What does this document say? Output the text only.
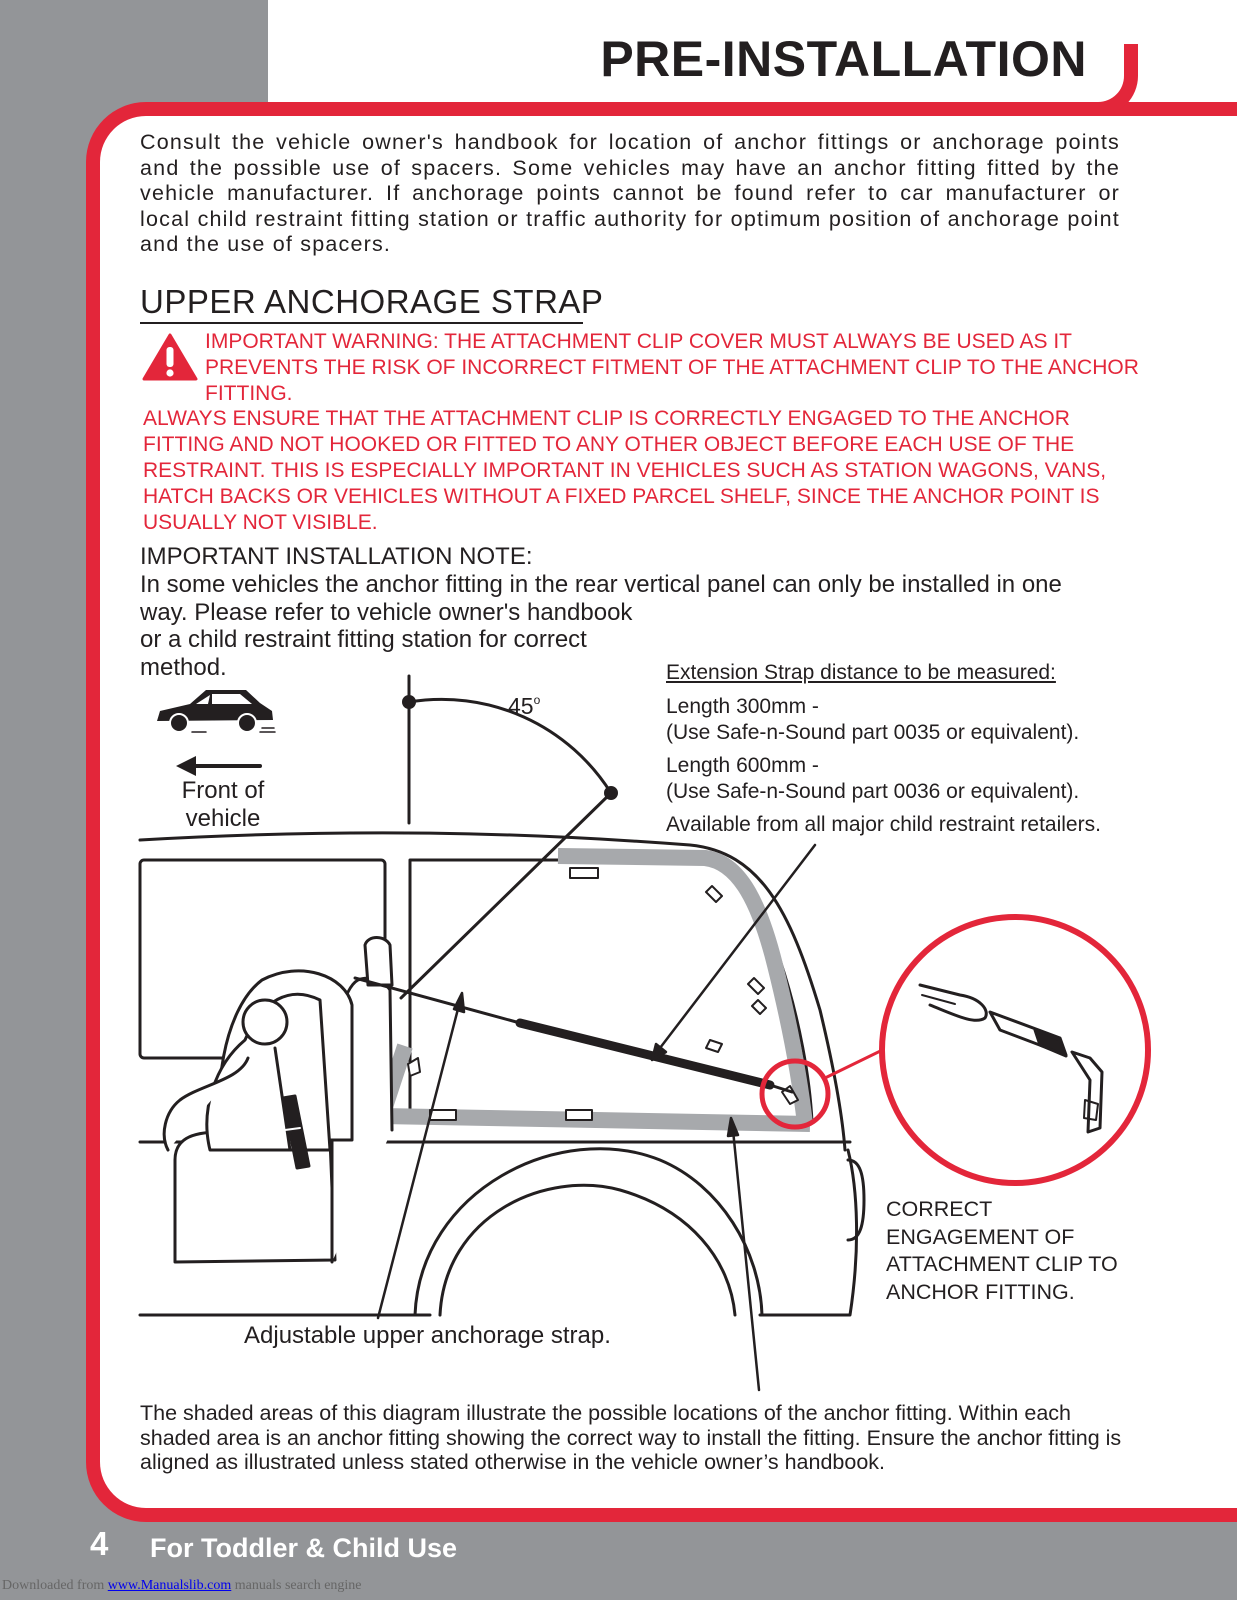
PRE-INSTALLATION
Consult the vehicle owner's handbook for location of anchor fittings or anchorage points and the possible use of spacers. Some vehicles may have an anchor fitting fitted by the vehicle manufacturer. If anchorage points cannot be found refer to car manufacturer or local child restraint fitting station or traffic authority for optimum position of anchorage point and the use of spacers.
UPPER ANCHORAGE STRAP
IMPORTANT WARNING: THE ATTACHMENT CLIP COVER MUST ALWAYS BE USED AS IT PREVENTS THE RISK OF INCORRECT FITMENT OF THE ATTACHMENT CLIP TO THE ANCHOR FITTING.
ALWAYS ENSURE THAT THE ATTACHMENT CLIP IS CORRECTLY ENGAGED TO THE ANCHOR FITTING AND NOT HOOKED OR FITTED TO ANY OTHER OBJECT BEFORE EACH USE OF THE RESTRAINT. THIS IS ESPECIALLY IMPORTANT IN VEHICLES SUCH AS STATION WAGONS, VANS, HATCH BACKS OR VEHICLES WITHOUT A FIXED PARCEL SHELF, SINCE THE ANCHOR POINT IS USUALLY NOT VISIBLE.
IMPORTANT INSTALLATION NOTE:
In some vehicles the anchor fitting in the rear vertical panel can only be installed in one
way. Please refer to vehicle owner's handbook or a child restraint fitting station for correct method.	Extension Strap distance to be measured:
Length 300mm -
(Use Safe-n-Sound part 0035 or equivalent).
Length 600mm -
(Use Safe-n-Sound part 0036 or equivalent).
Available from all major child restraint retailers.
Front of vehicle
45$^o$
CORRECT ENGAGEMENT OF ATTACHMENT CLIP TO ANCHOR FITTING.
Adjustable upper anchorage strap.
The shaded areas of this diagram illustrate the possible locations of the anchor fitting. Within each shaded area is an anchor fitting showing the correct way to install the fitting. Ensure the anchor fitting is aligned as illustrated unless stated otherwise in the vehicle owner’s handbook.
4 For Toddler & Child Use
Downloaded from www.Manualslib.com manuals search engine
